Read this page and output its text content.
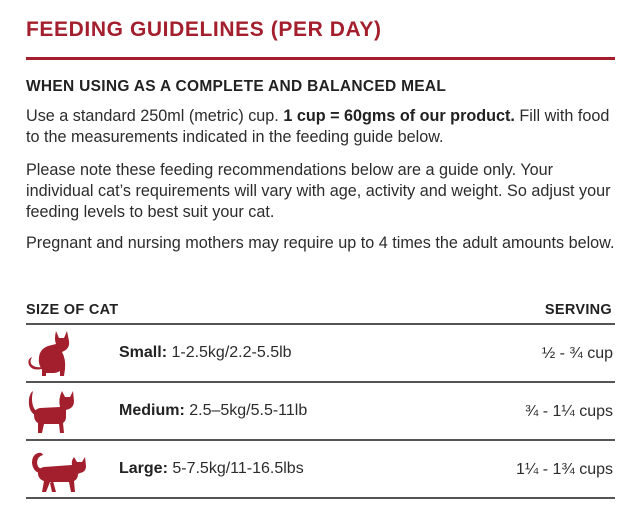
FEEDING GUIDELINES (PER DAY)
WHEN USING AS A COMPLETE AND BALANCED MEAL

Use a standard 250ml (metric) cup. 1 cup = 60gms of our product. Fill with food to the measurements indicated in the feeding guide below.

Please note these feeding recommendations below are a guide only. Your individual cat’s requirements will vary with age, activity and weight. So adjust your feeding levels to best suit your cat.

Pregnant and nursing mothers may require up to 4 times the adult amounts below.

SIZE OF CAT	SERVING
Small: 1-2.5kg/2.2-5.5lb	½ - ¾ cup
Medium: 2.5–5kg/5.5-11lb	¾ - 1¼ cups
Large: 5-7.5kg/11-16.5lbs	1¼ - 1¾ cups
